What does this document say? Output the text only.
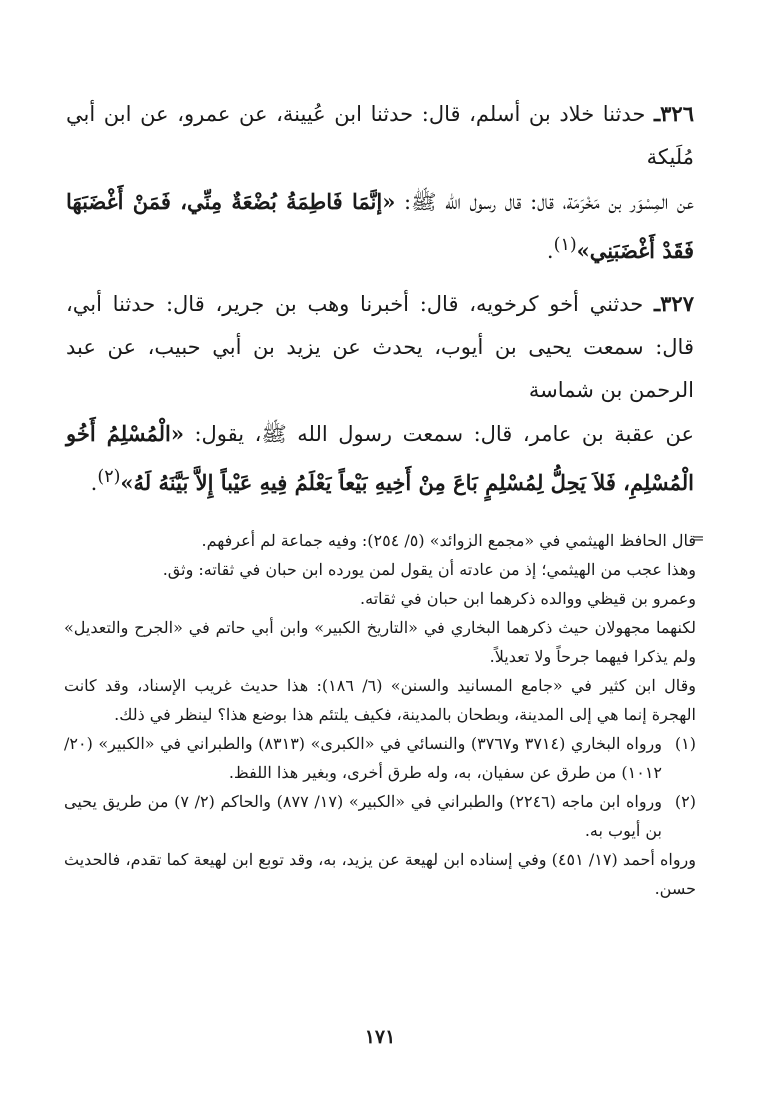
٣٢٦ـ حدثنا خلاد بن أسلم، قال: حدثنا ابن عُيينة، عن عمرو، عن ابن أبي مُلَيكة

عن المِسْوَر بن مَخْرَمَة، قال: قال رسول الله ﷺ: «إنَّمَا فَاطِمَةُ بُضْعَةٌ مِنِّي، فَمَنْ أَغْضَبَهَا فَقَدْ أَغْضَبَنِي»$^{(١)}$.

٣٢٧ـ حدثني أخو كرخويه، قال: أخبرنا وهب بن جرير، قال: حدثنا أبي، قال: سمعت يحيى بن أيوب، يحدث عن يزيد بن أبي حبيب، عن عبد الرحمن بن شماسة

عن عقبة بن عامر، قال: سمعت رسول الله ﷺ، يقول: «الْمُسْلِمُ أَخُو الْمُسْلِمِ، فَلاَ يَحِلُّ لِمُسْلِمٍ بَاعَ مِنْ أَخِيهِ بَيْعاً يَعْلَمُ فِيهِ عَيْباً إِلاَّ بَيَّنَهُ لَهُ»$^{(٢)}$.

=

قال الحافظ الهيثمي في «مجمع الزوائد» (٥/ ٢٥٤): وفيه جماعة لم أعرفهم.

وهذا عجب من الهيثمي؛ إذ من عادته أن يقول لمن يورده ابن حبان في ثقاته: وثق.

وعمرو بن قيظي ووالده ذكرهما ابن حبان في ثقاته.

لكنهما مجهولان حيث ذكرهما البخاري في «التاريخ الكبير» وابن أبي حاتم في «الجرح والتعديل» ولم يذكرا فيهما جرحاً ولا تعديلاً.

وقال ابن كثير في «جامع المسانيد والسنن» (٦/ ١٨٦): هذا حديث غريب الإسناد، وقد كانت الهجرة إنما هي إلى المدينة، وبطحان بالمدينة، فكيف يلتئم هذا بوضع هذا؟ لينظر في ذلك.

(١)
ورواه البخاري (٣٧١٤ و٣٧٦٧) والنسائي في «الكبرى» (٨٣١٣) والطبراني في «الكبير» (٢٠/ ١٠١٢) من طرق عن سفيان، به، وله طرق أخرى، وبغير هذا اللفظ.
(٢)
ورواه ابن ماجه (٢٢٤٦) والطبراني في «الكبير» (١٧/ ٨٧٧) والحاكم (٢/ ٧) من طريق يحيى بن أيوب به.

ورواه أحمد (١٧/ ٤٥١) وفي إسناده ابن لهيعة عن يزيد، به، وقد توبع ابن لهيعة كما تقدم، فالحديث حسن.

١٧١
